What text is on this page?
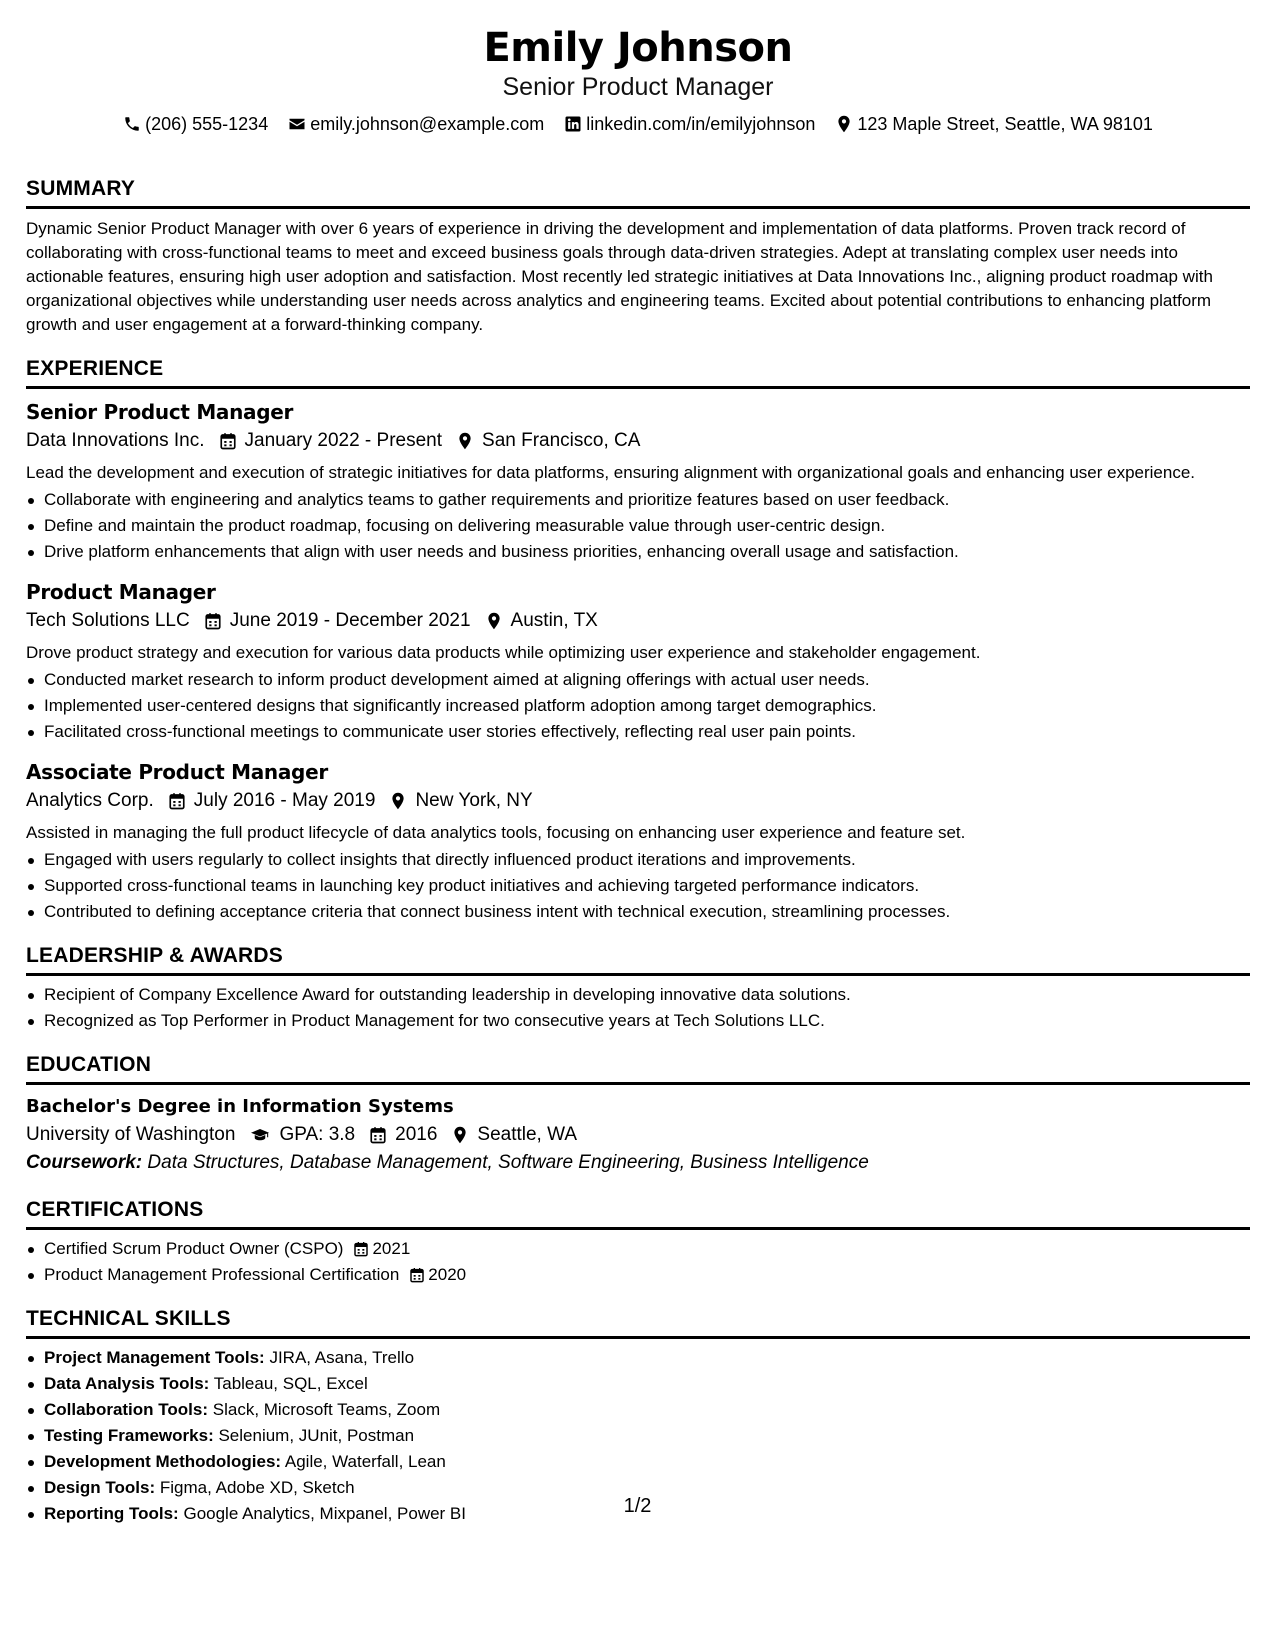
Emily Johnson
Senior Product Manager
(206) 555-1234 emily.johnson@example.com linkedin.com/in/emilyjohnson 123 Maple Street, Seattle, WA 98101
SUMMARY

Dynamic Senior Product Manager with over 6 years of experience in driving the development and implementation of data platforms. Proven track record of collaborating with cross-functional teams to meet and exceed business goals through data-driven strategies. Adept at translating complex user needs into actionable features, ensuring high user adoption and satisfaction. Most recently led strategic initiatives at Data Innovations Inc., aligning product roadmap with organizational objectives while understanding user needs across analytics and engineering teams. Excited about potential contributions to enhancing platform growth and user engagement at a forward-thinking company.

EXPERIENCE
Senior Product Manager
Data Innovations Inc. January 2022 - Present San Francisco, CA

Lead the development and execution of strategic initiatives for data platforms, ensuring alignment with organizational goals and enhancing user experience.

Collaborate with engineering and analytics teams to gather requirements and prioritize features based on user feedback.
Define and maintain the product roadmap, focusing on delivering measurable value through user-centric design.
Drive platform enhancements that align with user needs and business priorities, enhancing overall usage and satisfaction.
Product Manager
Tech Solutions LLC June 2019 - December 2021 Austin, TX

Drove product strategy and execution for various data products while optimizing user experience and stakeholder engagement.

Conducted market research to inform product development aimed at aligning offerings with actual user needs.
Implemented user-centered designs that significantly increased platform adoption among target demographics.
Facilitated cross-functional meetings to communicate user stories effectively, reflecting real user pain points.
Associate Product Manager
Analytics Corp. July 2016 - May 2019 New York, NY

Assisted in managing the full product lifecycle of data analytics tools, focusing on enhancing user experience and feature set.

Engaged with users regularly to collect insights that directly influenced product iterations and improvements.
Supported cross-functional teams in launching key product initiatives and achieving targeted performance indicators.
Contributed to defining acceptance criteria that connect business intent with technical execution, streamlining processes.
LEADERSHIP & AWARDS
Recipient of Company Excellence Award for outstanding leadership in developing innovative data solutions.
Recognized as Top Performer in Product Management for two consecutive years at Tech Solutions LLC.
EDUCATION
Bachelor's Degree in Information Systems
University of Washington GPA: 3.8 2016 Seattle, WA
Coursework: Data Structures, Database Management, Software Engineering, Business Intelligence
CERTIFICATIONS
Certified Scrum Product Owner (CSPO) 2021
Product Management Professional Certification 2020
TECHNICAL SKILLS
Project Management Tools: JIRA, Asana, Trello
Data Analysis Tools: Tableau, SQL, Excel
Collaboration Tools: Slack, Microsoft Teams, Zoom
Testing Frameworks: Selenium, JUnit, Postman
Development Methodologies: Agile, Waterfall, Lean
Design Tools: Figma, Adobe XD, Sketch
Reporting Tools: Google Analytics, Mixpanel, Power BI	1/2
